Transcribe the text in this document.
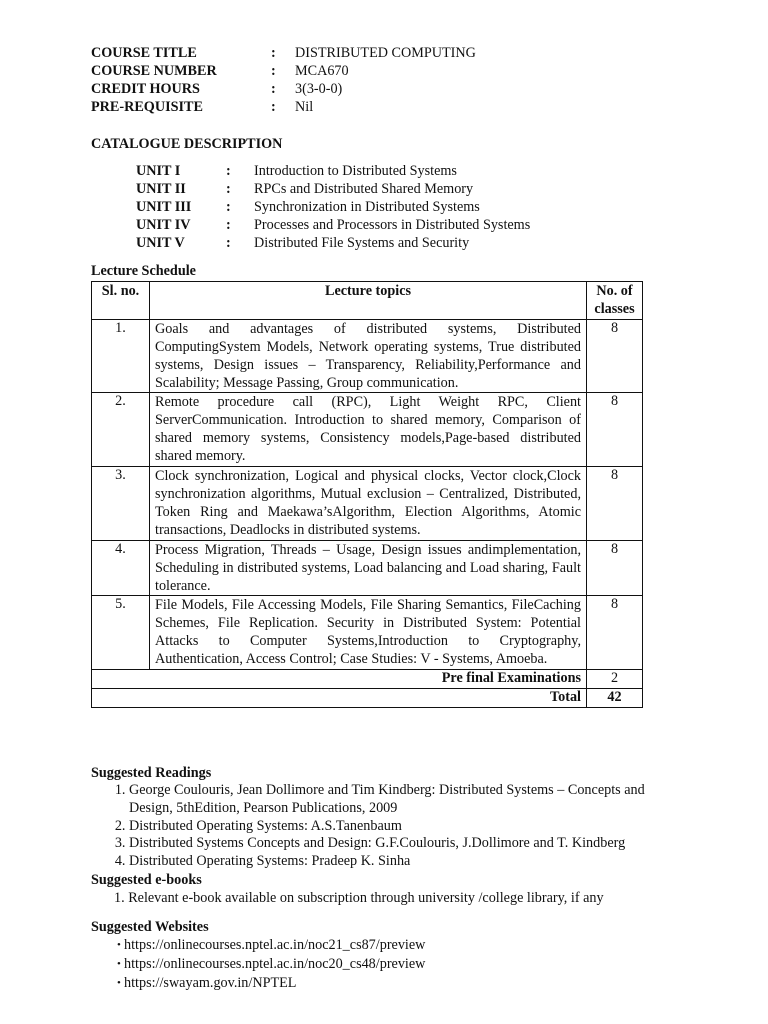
COURSE TITLE	:	DISTRIBUTED COMPUTING
COURSE NUMBER	:	MCA670
CREDIT HOURS	:	3(3-0-0)
PRE-REQUISITE	:	Nil
CATALOGUE DESCRIPTION
UNIT I	:	Introduction to Distributed Systems
UNIT II	:	RPCs and Distributed Shared Memory
UNIT III	:	Synchronization in Distributed Systems
UNIT IV	:	Processes and Processors in Distributed Systems
UNIT V	:	Distributed File Systems and Security
Lecture Schedule
Sl. no.	Lecture topics	No. of classes
1.	Goals and advantages of distributed systems, Distributed ComputingSystem Models, Network operating systems, True distributed systems, Design issues – Transparency, Reliability,Performance and Scalability; Message Passing, Group communication.	8
2.	Remote procedure call (RPC), Light Weight RPC, Client ServerCommunication. Introduction to shared memory, Comparison of shared memory systems, Consistency models,Page-based distributed shared memory.	8
3.	Clock synchronization, Logical and physical clocks, Vector clock,Clock synchronization algorithms, Mutual exclusion – Centralized, Distributed, Token Ring and Maekawa’sAlgorithm, Election Algorithms, Atomic transactions, Deadlocks in distributed systems.	8
4.	Process Migration, Threads – Usage, Design issues andimplementation, Scheduling in distributed systems, Load balancing and Load sharing, Fault tolerance.	8
5.	File Models, File Accessing Models, File Sharing Semantics, FileCaching Schemes, File Replication. Security in Distributed System: Potential Attacks to Computer Systems,Introduction to Cryptography, Authentication, Access Control; Case Studies: V - Systems, Amoeba.	8
Pre final Examinations		2
Total		42
Suggested Readings
1. George Coulouris, Jean Dollimore and Tim Kindberg: Distributed Systems – Concepts and Design, 5thEdition, Pearson Publications, 2009
2. Distributed Operating Systems: A.S.Tanenbaum
3. Distributed Systems Concepts and Design: G.F.Coulouris, J.Dollimore and T. Kindberg
4. Distributed Operating Systems: Pradeep K. Sinha
Suggested e-books
1. Relevant e-book available on subscription through university /college library, if any
Suggested Websites
• https://onlinecourses.nptel.ac.in/noc21_cs87/preview
• https://onlinecourses.nptel.ac.in/noc20_cs48/preview
• https://swayam.gov.in/NPTEL
